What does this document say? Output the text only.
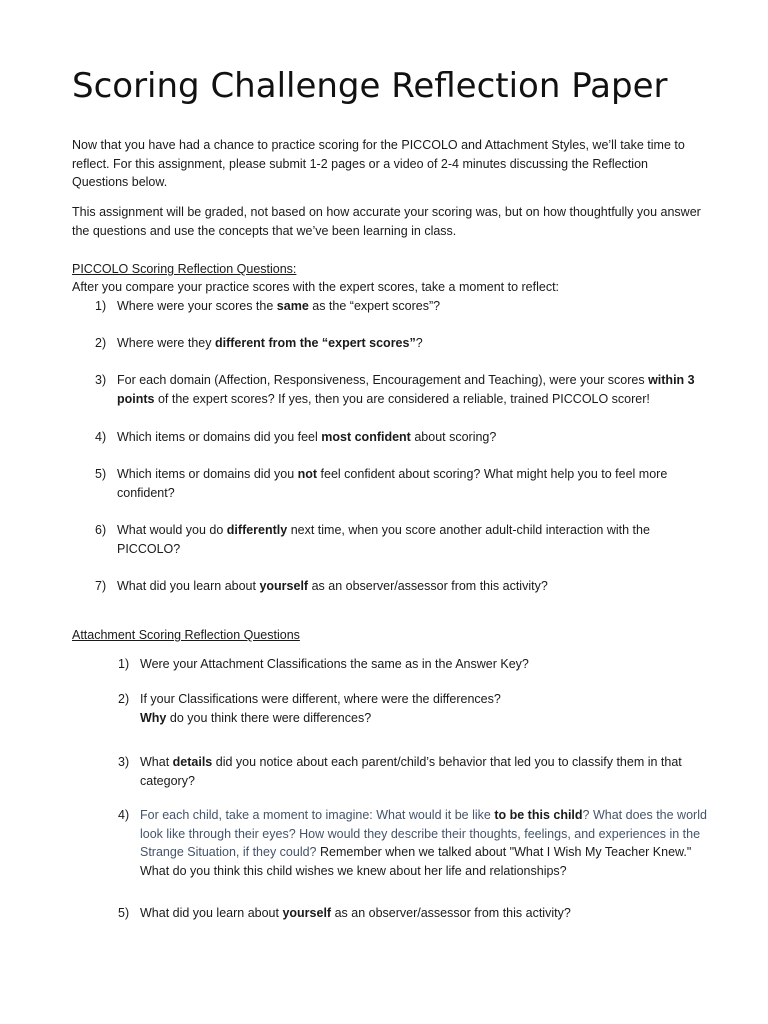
Scoring Challenge Reflection Paper

Now that you have had a chance to practice scoring for the PICCOLO and Attachment Styles, we’ll take time to reflect. For this assignment, please submit 1-2 pages or a video of 2-4 minutes discussing the Reflection Questions below.

This assignment will be graded, not based on how accurate your scoring was, but on how thoughtfully you answer the questions and use the concepts that we’ve been learning in class.

PICCOLO Scoring Reflection Questions:

After you compare your practice scores with the expert scores, take a moment to reflect:

1) Where were your scores the same as the “expert scores”?
2) Where were they different from the “expert scores”?
3) For each domain (Affection, Responsiveness, Encouragement and Teaching), were your scores within 3 points of the expert scores? If yes, then you are considered a reliable, trained PICCOLO scorer!
4) Which items or domains did you feel most confident about scoring?
5) Which items or domains did you not feel confident about scoring? What might help you to feel more confident?
6) What would you do differently next time, when you score another adult-child interaction with the PICCOLO?
7) What did you learn about yourself as an observer/assessor from this activity?

Attachment Scoring Reflection Questions

1) Were your Attachment Classifications the same as in the Answer Key?
2) If your Classifications were different, where were the differences?
Why do you think there were differences?
3) What details did you notice about each parent/child’s behavior that led you to classify them in that category?
4) For each child, take a moment to imagine: What would it be like to be this child? What does the world look like through their eyes? How would they describe their thoughts, feelings, and experiences in the Strange Situation, if they could? Remember when we talked about "What I Wish My Teacher Knew." What do you think this child wishes we knew about her life and relationships?
5) What did you learn about yourself as an observer/assessor from this activity?
